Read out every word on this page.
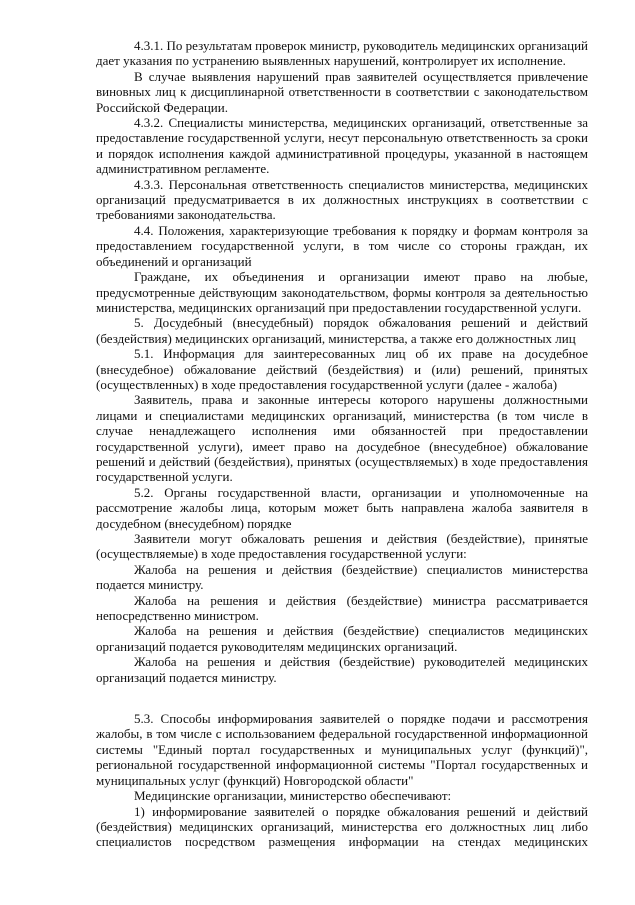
4.3.1. По результатам проверок министр, руководитель медицинских организаций дает указания по устранению выявленных нарушений, контролирует их исполнение.

В случае выявления нарушений прав заявителей осуществляется привлечение виновных лиц к дисциплинарной ответственности в соответствии с законодательством Российской Федерации.

4.3.2. Специалисты министерства, медицинских организаций, ответственные за предоставление государственной услуги, несут персональную ответственность за сроки и порядок исполнения каждой административной процедуры, указанной в настоящем административном регламенте.

4.3.3. Персональная ответственность специалистов министерства, медицинских организаций предусматривается в их должностных инструкциях в соответствии с требованиями законодательства.

4.4. Положения, характеризующие требования к порядку и формам контроля за предоставлением государственной услуги, в том числе со стороны граждан, их объединений и организаций

Граждане, их объединения и организации имеют право на любые, предусмотренные действующим законодательством, формы контроля за деятельностью министерства, медицинских организаций при предоставлении государственной услуги.

5. Досудебный (внесудебный) порядок обжалования решений и действий (бездействия) медицинских организаций, министерства, а также его должностных лиц

5.1. Информация для заинтересованных лиц об их праве на досудебное (внесудебное) обжалование действий (бездействия) и (или) решений, принятых (осуществленных) в ходе предоставления государственной услуги (далее - жалоба)

Заявитель, права и законные интересы которого нарушены должностными лицами и специалистами медицинских организаций, министерства (в том числе в случае ненадлежащего исполнения ими обязанностей при предоставлении государственной услуги), имеет право на досудебное (внесудебное) обжалование решений и действий (бездействия), принятых (осуществляемых) в ходе предоставления государственной услуги.

5.2. Органы государственной власти, организации и уполномоченные на рассмотрение жалобы лица, которым может быть направлена жалоба заявителя в досудебном (внесудебном) порядке

Заявители могут обжаловать решения и действия (бездействие), принятые (осуществляемые) в ходе предоставления государственной услуги:

Жалоба на решения и действия (бездействие) специалистов министерства подается министру.

Жалоба на решения и действия (бездействие) министра рассматривается непосредственно министром.

Жалоба на решения и действия (бездействие) специалистов медицинских организаций подается руководителям медицинских организаций.

Жалоба на решения и действия (бездействие) руководителей медицинских организаций подается министру.

5.3. Способы информирования заявителей о порядке подачи и рассмотрения жалобы, в том числе с использованием федеральной государственной информационной системы "Единый портал государственных и муниципальных услуг (функций)", региональной государственной информационной системы "Портал государственных и муниципальных услуг (функций) Новгородской области"

Медицинские организации, министерство обеспечивают:

1) информирование заявителей о порядке обжалования решений и действий (бездействия) медицинских организаций, министерства его должностных лиц либо специалистов посредством размещения информации на стендах медицинских
